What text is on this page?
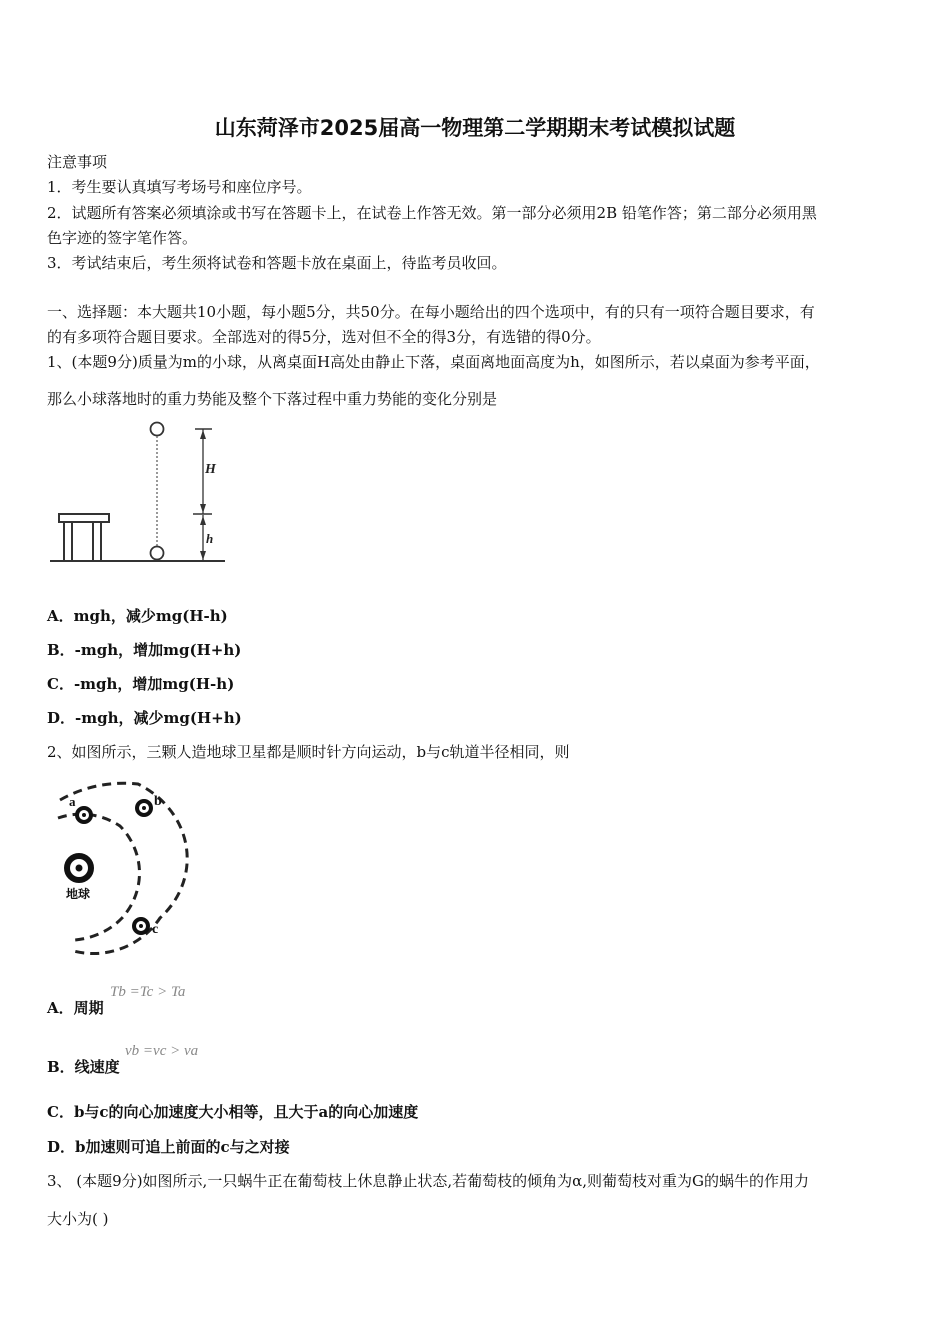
山东菏泽市2025届高一物理第二学期期末考试模拟试题
注意事项
1．考生要认真填写考场号和座位序号。
2．试题所有答案必须填涂或书写在答题卡上，在试卷上作答无效。第一部分必须用2B 铅笔作答；第二部分必须用黑
色字迹的签字笔作答。
3．考试结束后，考生须将试卷和答题卡放在桌面上，待监考员收回。
一、选择题：本大题共10小题，每小题5分，共50分。在每小题给出的四个选项中，有的只有一项符合题目要求，有
的有多项符合题目要求。全部选对的得5分，选对但不全的得3分，有选错的得0分。
1、(本题9分)质量为m的小球，从离桌面H高处由静止下落，桌面离地面高度为h，如图所示，若以桌面为参考平面，
那么小球落地时的重力势能及整个下落过程中重力势能的变化分别是
H
h
A．mgh，减少mg(H-h)
B．-mgh，增加mg(H+h)
C．-mgh，增加mg(H-h)
D．-mgh，减少mg(H+h)
2、如图所示，三颗人造地球卫星都是顺时针方向运动，b与c轨道半径相同，则
a	b
c
地球
A．周期
Tb =Tc > Ta
B．线速度
vb =vc > va
C．b与c的向心加速度大小相等，且大于a的向心加速度
D．b加速则可追上前面的c与之对接
3、 (本题9分)如图所示,一只蜗牛正在葡萄枝上休息静止状态,若葡萄枝的倾角为α,则葡萄枝对重为G的蜗牛的作用力
大小为( )
